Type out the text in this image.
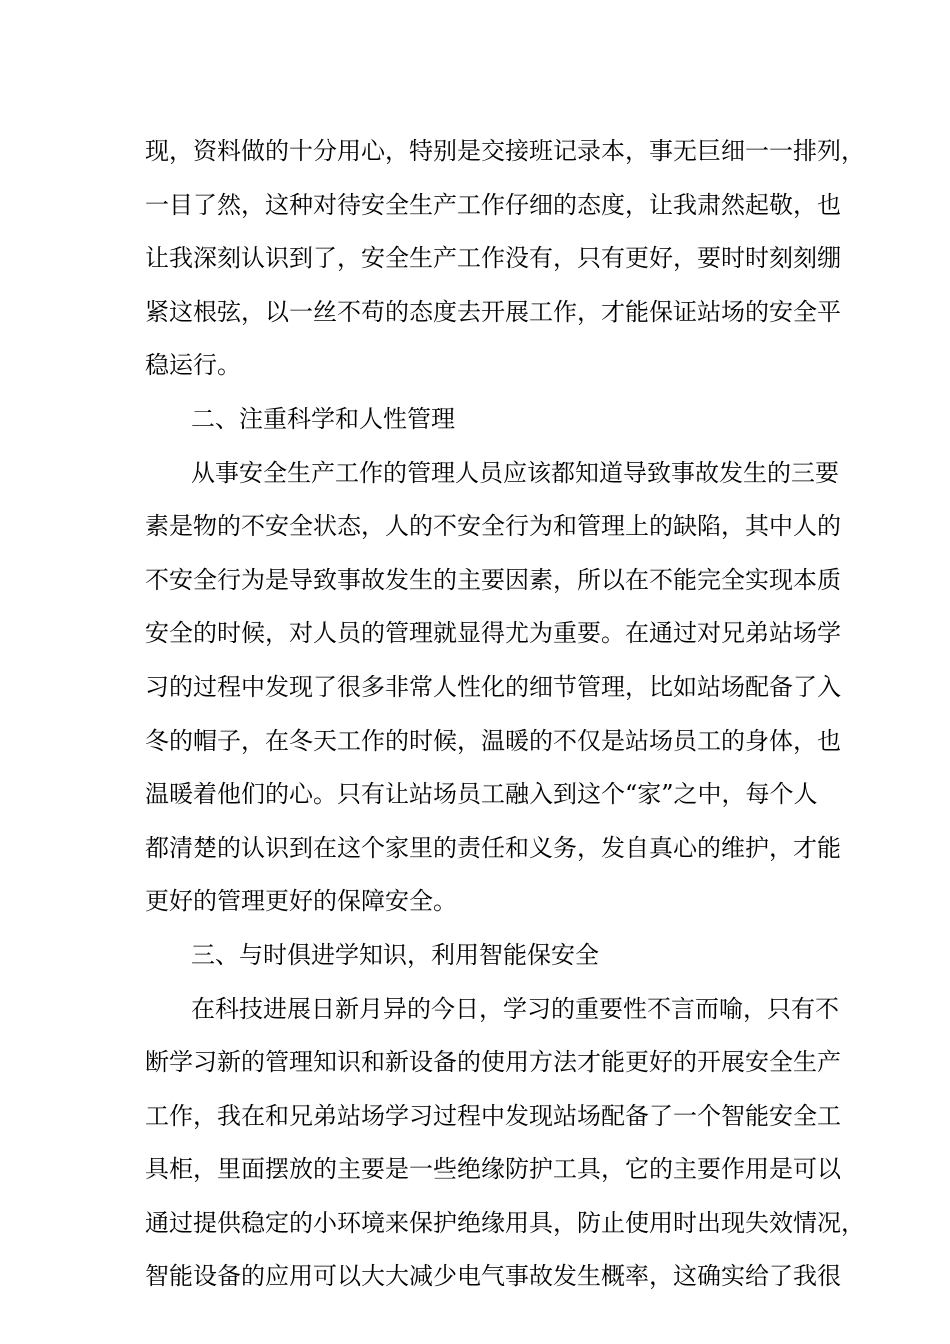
现，资料做的十分用心，特别是交接班记录本，事无巨细一一排列，
一目了然，这种对待安全生产工作仔细的态度，让我肃然起敬，也
让我深刻认识到了，安全生产工作没有，只有更好，要时时刻刻绷
紧这根弦，以一丝不苟的态度去开展工作，才能保证站场的安全平
稳运行。
二、注重科学和人性管理
从事安全生产工作的管理人员应该都知道导致事故发生的三要
素是物的不安全状态，人的不安全行为和管理上的缺陷，其中人的
不安全行为是导致事故发生的主要因素，所以在不能完全实现本质
安全的时候，对人员的管理就显得尤为重要。在通过对兄弟站场学
习的过程中发现了很多非常人性化的细节管理，比如站场配备了入
冬的帽子，在冬天工作的时候，温暖的不仅是站场员工的身体，也
温暖着他们的心。只有让站场员工融入到这个“家”之中，每个人
都清楚的认识到在这个家里的责任和义务，发自真心的维护，才能
更好的管理更好的保障安全。
三、与时俱进学知识，利用智能保安全
在科技进展日新月异的今日，学习的重要性不言而喻，只有不
断学习新的管理知识和新设备的使用方法才能更好的开展安全生产
工作，我在和兄弟站场学习过程中发现站场配备了一个智能安全工
具柜，里面摆放的主要是一些绝缘防护工具，它的主要作用是可以
通过提供稳定的小环境来保护绝缘用具，防止使用时出现失效情况，
智能设备的应用可以大大减少电气事故发生概率，这确实给了我很
